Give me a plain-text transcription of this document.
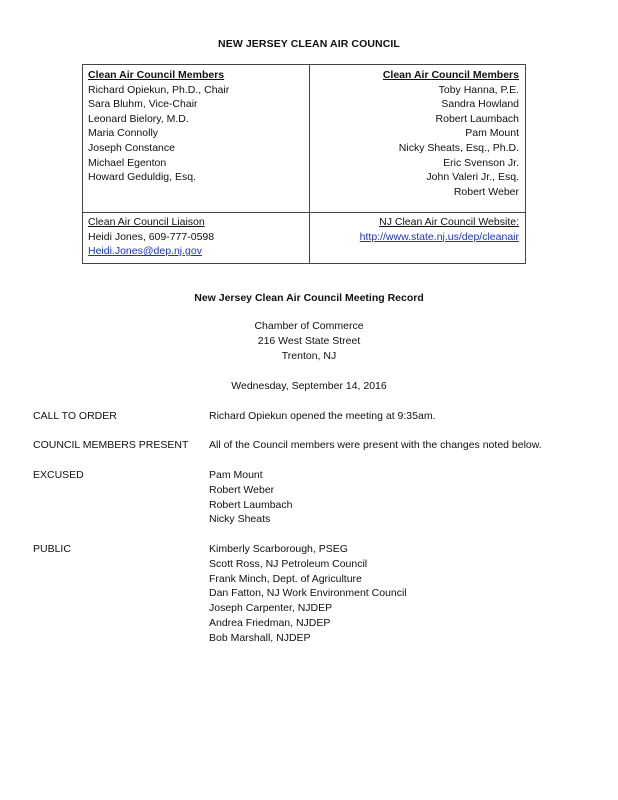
NEW JERSEY CLEAN AIR COUNCIL
Clean Air Council Members
Richard Opiekun, Ph.D., Chair
Sara Bluhm, Vice-Chair
Leonard Bielory, M.D.
Maria Connolly
Joseph Constance
Michael Egenton
Howard Geduldig, Esq.
Clean Air Council Members
Toby Hanna, P.E.
Sandra Howland
Robert Laumbach
Pam Mount
Nicky Sheats, Esq., Ph.D.
Eric Svenson Jr.
John Valeri Jr., Esq.
Robert Weber
Clean Air Council Liaison
Heidi Jones, 609-777-0598
Heidi.Jones@dep.nj.gov
NJ Clean Air Council Website:
http://www.state.nj.us/dep/cleanair
New Jersey Clean Air Council Meeting Record
Chamber of Commerce
216 West State Street
Trenton, NJ
Wednesday, September 14, 2016
CALL TO ORDER	Richard Opiekun opened the meeting at 9:35am.
COUNCIL MEMBERS PRESENT All of the Council members were present with the changes noted below.
EXCUSED	Pam Mount
Robert Weber
Robert Laumbach
Nicky Sheats
PUBLIC	Kimberly Scarborough, PSEG
Scott Ross, NJ Petroleum Council
Frank Minch, Dept. of Agriculture
Dan Fatton, NJ Work Environment Council
Joseph Carpenter, NJDEP
Andrea Friedman, NJDEP
Bob Marshall, NJDEP
